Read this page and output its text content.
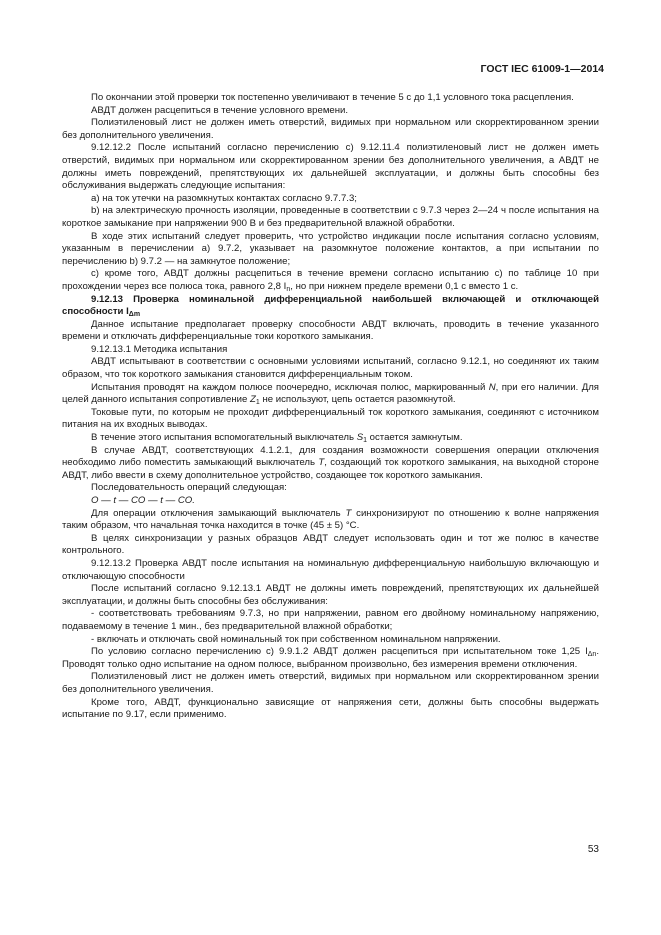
ГОСТ IEC 61009-1—2014

По окончании этой проверки ток постепенно увеличивают в течение 5 с до 1,1 условного тока расцепления.

АВДТ должен расцепиться в течение условного времени.

Полиэтиленовый лист не должен иметь отверстий, видимых при нормальном или скорректированном зрении без дополнительного увеличения.

9.12.12.2 После испытаний согласно перечислению с) 9.12.11.4 полиэтиленовый лист не должен иметь отверстий, видимых при нормальном или скорректированном зрении без дополнительного увеличения, а АВДТ не должны иметь повреждений, препятствующих их дальнейшей эксплуатации, и должны быть способны без обслуживания выдержать следующие испытания:

а) на ток утечки на разомкнутых контактах согласно 9.7.7.3;

b) на электрическую прочность изоляции, проведенные в соответствии с 9.7.3 через 2—24 ч после испытания на короткое замыкание при напряжении 900 В и без предварительной влажной обработки.

В ходе этих испытаний следует проверить, что устройство индикации после испытания согласно условиям, указанным в перечислении а) 9.7.2, указывает на разомкнутое положение контактов, а при испытании по перечислению b) 9.7.2 — на замкнутое положение;

с) кроме того, АВДТ должны расцепиться в течение времени согласно испытанию с) по таблице 10 при прохождении через все полюса тока, равного 2,8 $I_n$, но при нижнем пределе времени 0,1 с вместо 1 с.

9.12.13 Проверка номинальной дифференциальной наибольшей включающей и отключающей способности $I_{\Delta m}$

Данное испытание предполагает проверку способности АВДТ включать, проводить в течение указанного времени и отключать дифференциальные токи короткого замыкания.

9.12.13.1 Методика испытания

АВДТ испытывают в соответствии с основными условиями испытаний, согласно 9.12.1, но соединяют их таким образом, что ток короткого замыкания становится дифференциальным током.

Испытания проводят на каждом полюсе поочередно, исключая полюс, маркированный N, при его наличии. Для целей данного испытания сопротивление $Z_1$ не используют, цепь остается разомкнутой.

Токовые пути, по которым не проходит дифференциальный ток короткого замыкания, соединяют с источником питания на их входных выводах.

В течение этого испытания вспомогательный выключатель $S_1$ остается замкнутым.

В случае АВДТ, соответствующих 4.1.2.1, для создания возможности совершения операции отключения необходимо либо поместить замыкающий выключатель T, создающий ток короткого замыкания, на выходной стороне АВДТ, либо ввести в схему дополнительное устройство, создающее ток короткого замыкания.

Последовательность операций следующая:

O — t — CO — t — CO.

Для операции отключения замыкающий выключатель T синхронизируют по отношению к волне напряжения таким образом, что начальная точка находится в точке (45 ± 5) °С.

В целях синхронизации у разных образцов АВДТ следует использовать один и тот же полюс в качестве контрольного.

9.12.13.2 Проверка АВДТ после испытания на номинальную дифференциальную наибольшую включающую и отключающую способности

После испытаний согласно 9.12.13.1 АВДТ не должны иметь повреждений, препятствующих их дальнейшей эксплуатации, и должны быть способны без обслуживания:

- соответствовать требованиям 9.7.3, но при напряжении, равном его двойному номинальному напряжению, подаваемому в течение 1 мин., без предварительной влажной обработки;

- включать и отключать свой номинальный ток при собственном номинальном напряжении.

По условию согласно перечислению с) 9.9.1.2 АВДТ должен расцепиться при испытательном токе 1,25 $I_{\Delta n}$. Проводят только одно испытание на одном полюсе, выбранном произвольно, без измерения времени отключения.

Полиэтиленовый лист не должен иметь отверстий, видимых при нормальном или скорректированном зрении без дополнительного увеличения.

Кроме того, АВДТ, функционально зависящие от напряжения сети, должны быть способны выдержать испытание по 9.17, если применимо.

53
